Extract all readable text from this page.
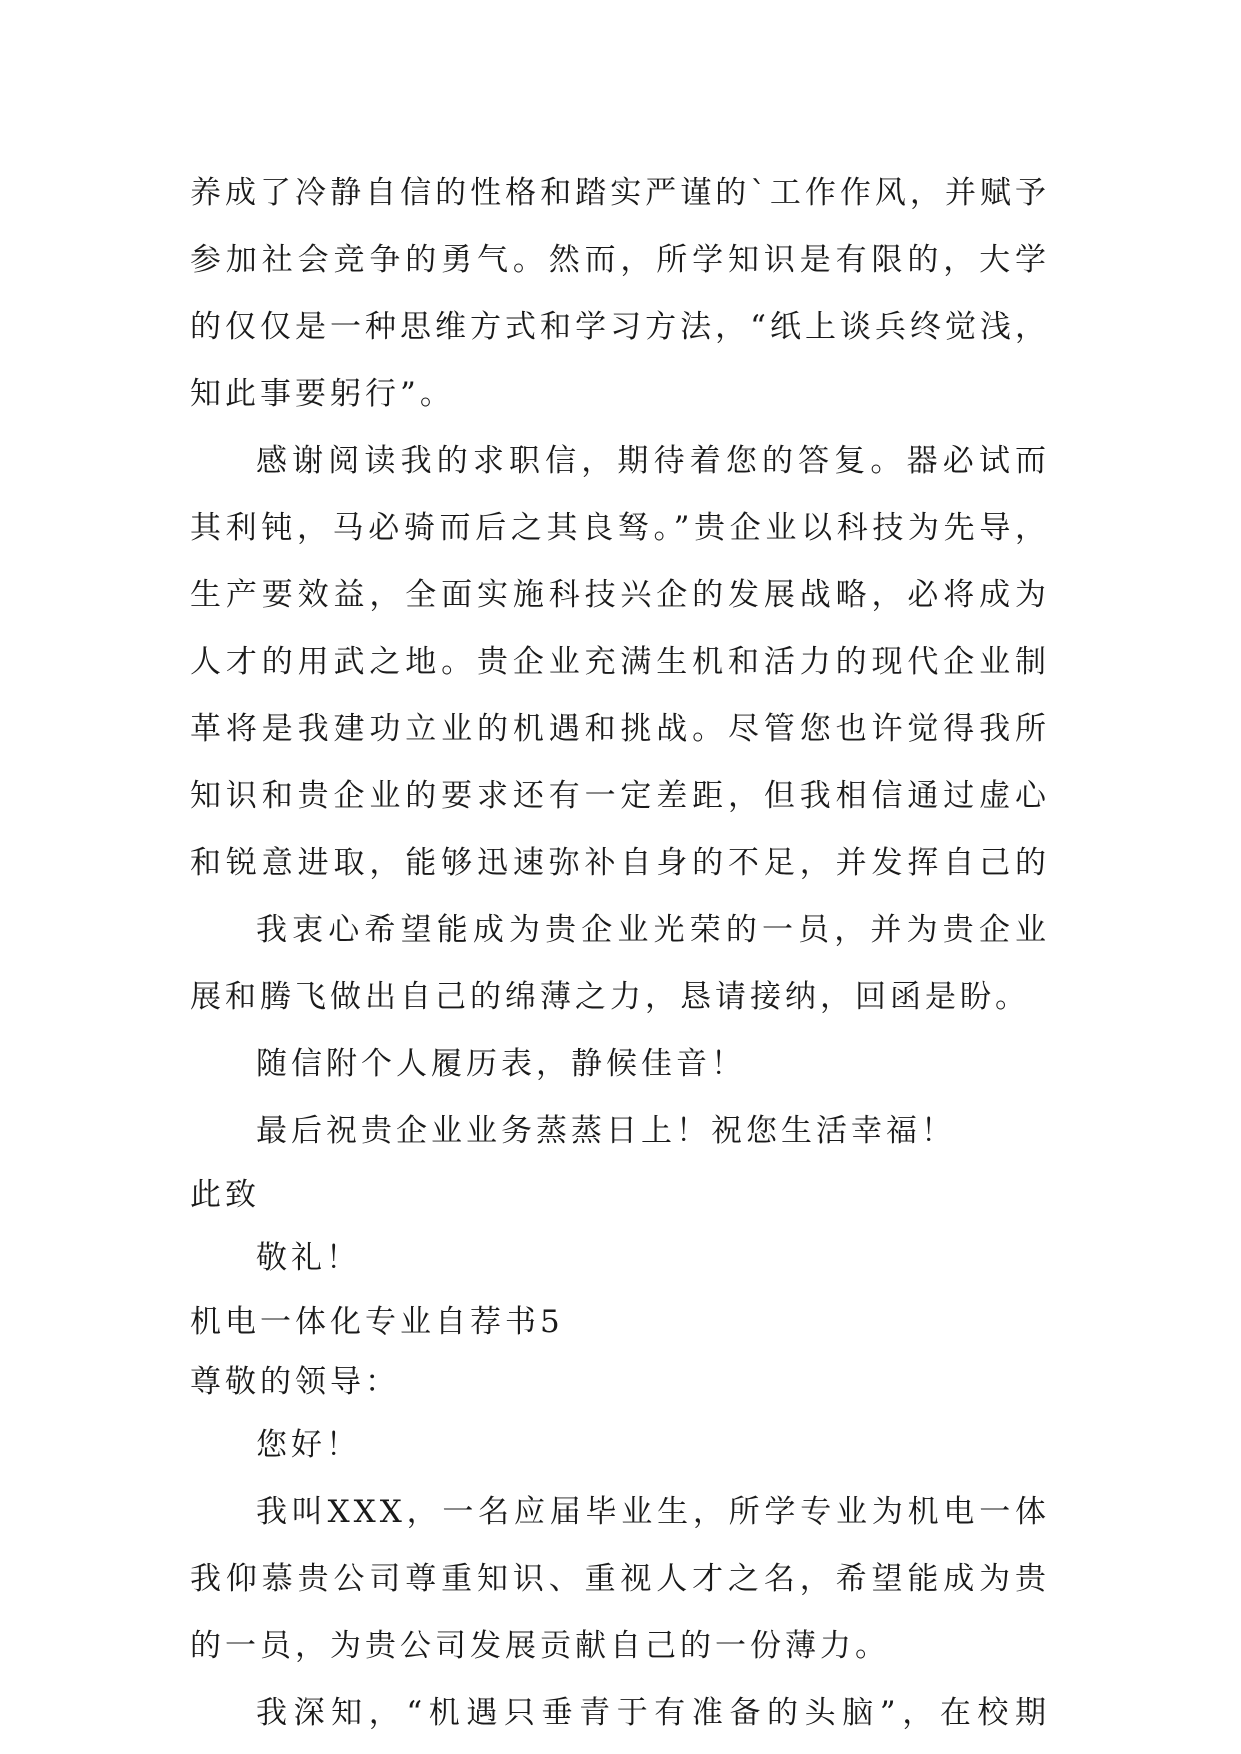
养成了冷静自信的性格和踏实严谨的`工作作风，并赋予
参加社会竞争的勇气。然而，所学知识是有限的，大学
的仅仅是一种思维方式和学习方法，“纸上谈兵终觉浅，
知此事要躬行”。
感谢阅读我的求职信，期待着您的答复。器必试而
其利钝，马必骑而后之其良驽。”贵企业以科技为先导，
生产要效益，全面实施科技兴企的发展战略，必将成为
人才的用武之地。贵企业充满生机和活力的现代企业制
革将是我建功立业的机遇和挑战。尽管您也许觉得我所
知识和贵企业的要求还有一定差距，但我相信通过虚心
和锐意进取，能够迅速弥补自身的不足，并发挥自己的
我衷心希望能成为贵企业光荣的一员，并为贵企业
展和腾飞做出自己的绵薄之力，恳请接纳，回函是盼。
随信附个人履历表，静候佳音！
最后祝贵企业业务蒸蒸日上！祝您生活幸福！
此致
敬礼！
机电一体化专业自荐书5
尊敬的领导：
您好！
我叫XXX，一名应届毕业生，所学专业为机电一体
我仰慕贵公司尊重知识、重视人才之名，希望能成为贵
的一员，为贵公司发展贡献自己的一份薄力。
我深知，“机遇只垂青于有准备的头脑”，在校期
